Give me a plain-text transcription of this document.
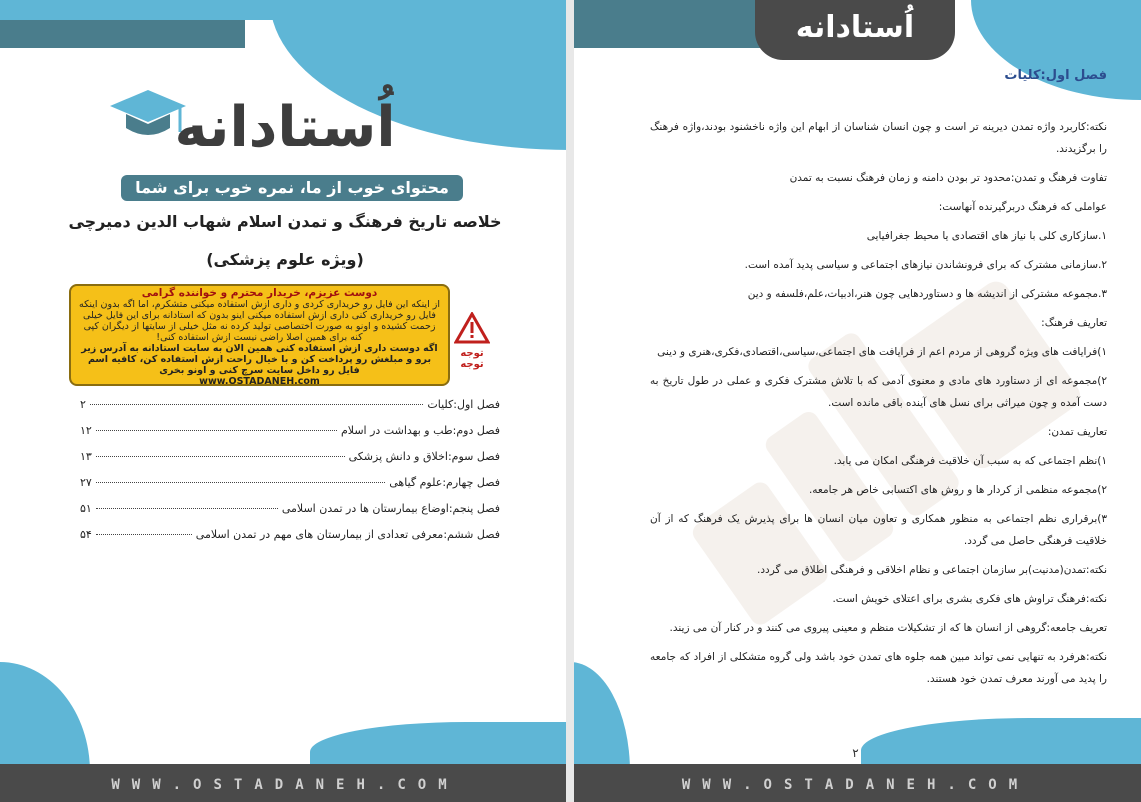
اُستادانه
محتوای خوب از ما، نمره خوب برای شما
خلاصه تاریخ فرهنگ و تمدن اسلام شهاب الدین دمیرچی
(ویژه علوم پزشکی)
دوست عزیزم، خریدار محترم و خواننده گرامی
از اینکه این فایل رو خریداری کردی و داری ازش استفاده میکنی متشکرم، اما اگه بدون اینکه فایل رو خریداری کنی داری ازش استفاده میکنی اینو بدون که استادانه برای این فایل خیلی زحمت کشیده و اونو به صورت اختصاصی تولید کرده نه مثل خیلی از سایتها از دیگران کپی کنه برای همین اصلا راضی نیست ازش استفاده کنی!
اگه دوست داری ازش استفاده کنی همین الان به سایت استادانه به آدرس زیر برو و مبلغش رو پرداخت کن و با خیال راحت ازش استفاده کن، کافیه اسم فایل رو داخل سایت سرچ کنی و اونو بخری
www.OSTADANEH.com
توجه توجه
فصل اول:کلیات
۲
فصل دوم:طب و بهداشت در اسلام
۱۲
فصل سوم:اخلاق و دانش پزشکی
۱۳
فصل چهارم:علوم گیاهی
۲۷
فصل پنجم:اوضاع بیمارستان ها در تمدن اسلامی
۵۱
فصل ششم:معرفی تعدادی از بیمارستان های مهم در تمدن اسلامی
۵۴
WWW.OSTADANEH.COM
اُستادانه
فصل اول:کلیات

نکته:کاربرد واژه تمدن دیرینه تر است و چون انسان شناسان از ابهام این واژه ناخشنود بودند،واژه فرهنگ را برگزیدند.

تفاوت فرهنگ و تمدن:محدود تر بودن دامنه و زمان فرهنگ نسبت به تمدن

عواملی که فرهنگ دربرگیرنده آنهاست:

۱.سازکاری کلی با نیاز های اقتصادی یا محیط جغرافیایی

۲.سازمانی مشترک که برای فرونشاندن نیازهای اجتماعی و سیاسی پدید آمده است.

۳.مجموعه مشترکی از اندیشه ها و دستاوردهایی چون هنر،ادبیات،علم،فلسفه و دین

تعاریف فرهنگ:

۱)فرایافت های ویژه گروهی از مردم اعم از فرایافت های اجتماعی،سیاسی،اقتصادی،فکری،هنری و دینی

۲)مجموعه ای از دستاورد های مادی و معنوی آدمی که با تلاش مشترک فکری و عملی در طول تاریخ به دست آمده و چون میراثی برای نسل های آینده باقی مانده است.

تعاریف تمدن:

۱)نظم اجتماعی که به سبب آن خلاقیت فرهنگی امکان می یابد.

۲)مجموعه منظمی از کردار ها و روش های اکتسابی خاص هر جامعه.

۳)برقراری نظم اجتماعی به منظور همکاری و تعاون میان انسان ها برای پذیرش یک فرهنگ که از آن خلاقیت فرهنگی حاصل می گردد.

نکته:تمدن(مدنیت)بر سازمان اجتماعی و نظام اخلاقی و فرهنگی اطلاق می گردد.

نکته:فرهنگ تراوش های فکری بشری برای اعتلای خویش است.

تعریف جامعه:گروهی از انسان ها که از تشکیلات منظم و معینی پیروی می کنند و در کنار آن می زیند.

نکته:هرفرد به تنهایی نمی تواند مبین همه جلوه های تمدن خود باشد ولی گروه متشکلی از افراد که جامعه را پدید می آورند معرف تمدن خود هستند.

۲
WWW.OSTADANEH.COM
